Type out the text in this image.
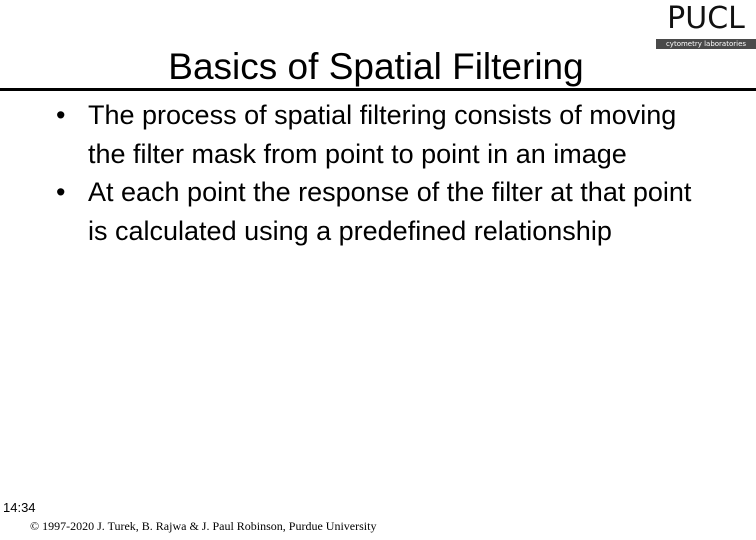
PUCL
cytometry laboratories
Basics of Spatial Filtering
• The process of spatial filtering consists of moving the filter mask from point to point in an image
• At each point the response of the filter at that point is calculated using a predefined relationship
14:34
© 1997-2020 J. Turek, B. Rajwa & J. Paul Robinson, Purdue University
